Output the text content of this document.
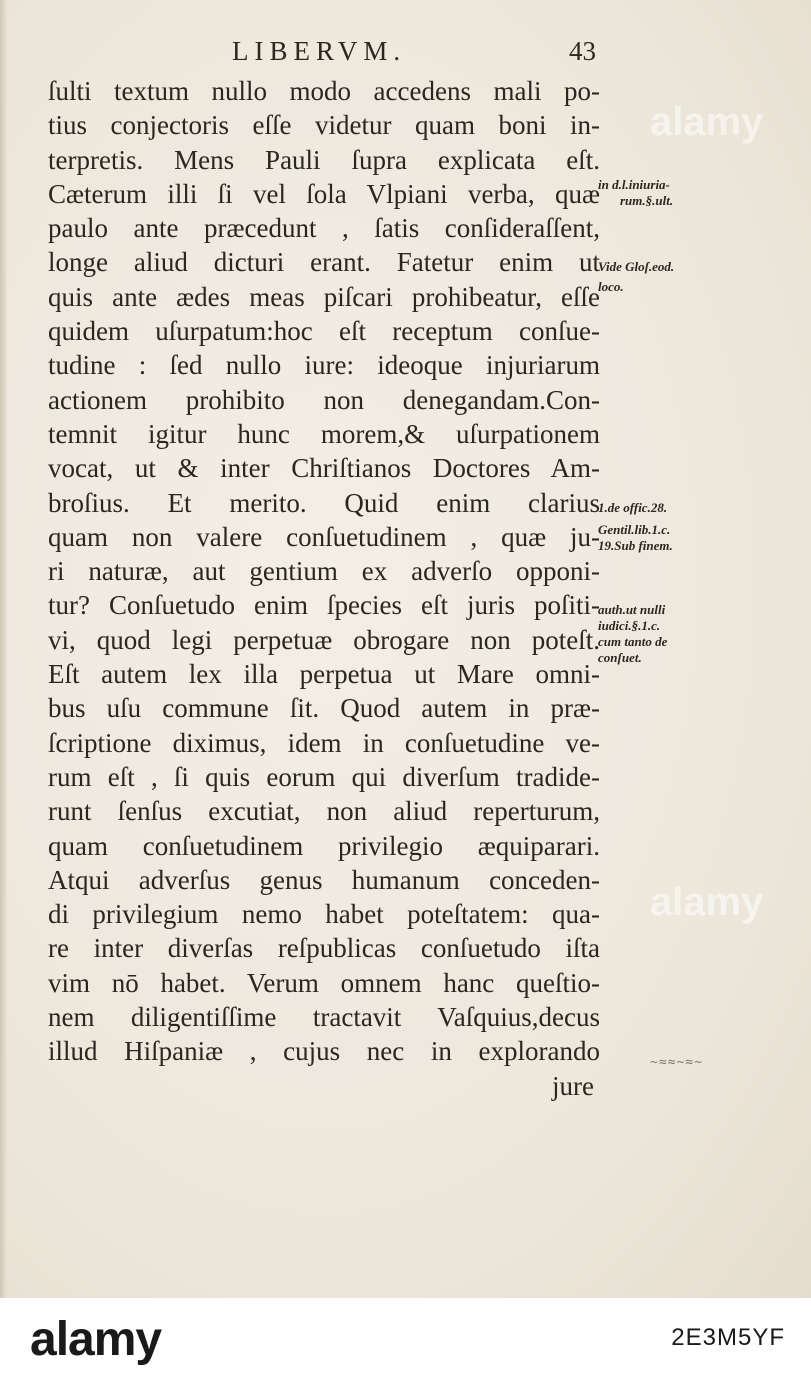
LIBERVM.	43
ſulti textum nullo modo accedens mali po-
tius conjectoris eſſe videtur quam boni in-
terpretis. Mens Pauli ſupra explicata eſt.
Cæterum illi ſi vel ſola Vlpiani verba, quæ
paulo ante præcedunt , ſatis conſideraſſent,
longe aliud dicturi erant. Fatetur enim ut
quis ante ædes meas piſcari prohibeatur, eſſe
quidem uſurpatum:hoc eſt receptum conſue-
tudine : ſed nullo iure: ideoque injuriarum
actionem prohibito non denegandam.Con-
temnit igitur hunc morem,& uſurpationem
vocat, ut & inter Chriſtianos Doctores Am-
broſius. Et merito. Quid enim clarius
quam non valere conſuetudinem , quæ ju-
ri naturæ, aut gentium ex adverſo opponi-
tur? Conſuetudo enim ſpecies eſt juris poſiti-
vi, quod legi perpetuæ obrogare non poteſt.
Eſt autem lex illa perpetua ut Mare omni-
bus uſu commune ſit. Quod autem in præ-
ſcriptione diximus, idem in conſuetudine ve-
rum eſt , ſi quis eorum qui diverſum tradide-
runt ſenſus excutiat, non aliud reperturum,
quam conſuetudinem privilegio æquiparari.
Atqui adverſus genus humanum conceden-
di privilegium nemo habet poteſtatem: qua-
re inter diverſas reſpublicas conſuetudo iſta
vim nō habet. Verum omnem hanc queſtio-
nem diligentiſſime tractavit Vaſquius,decus
illud Hiſpaniæ , cujus nec in explorando
jure
in d.l.iniuria-
rum.§.ult.
Vide Gloſ.eod.
loco.
1.de offic.28.
Gentil.lib.1.c.
19.Sub finem.
auth.ut nulli
iudici.§.1.c.
cum tanto de
conſuet.
~≈≈~≈~
alamy
alamy
alamy	2E3M5YF
